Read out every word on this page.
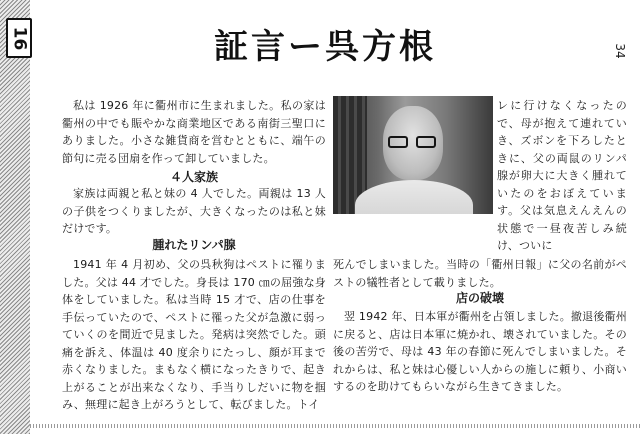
16	証言ー呉方根	34

私は 1926 年に衢州市に生まれました。私の家は衢州の中でも賑やかな商業地区である南街三聖口にありました。小さな雑貨商を営むとともに、端午の節句に売る団扇を作って卸していました。

４人家族

家族は両親と私と妹の 4 人でした。両親は 13 人の子供をつくりましたが、大きくなったのは私と妹だけです。

腫れたリンパ腺

1941 年 4 月初め、父の呉秋狗はペストに罹りました。父は 44 才でした。身長は 170 ㎝の屈強な身体をしていました。私は当時 15 才で、店の仕事を手伝っていたので、ペストに罹った父が急激に弱っていくのを間近で見ました。発病は突然でした。頭痛を訴え、体温は 40 度余りにたっし、顔が耳まで赤くなりました。まもなく横になったきりで、起き上がることが出来なくなり、手当りしだいに物を掴み、無理に起き上がろうとして、転びました。トイ

レに行けなくなったので、母が抱えて連れていき、ズボンを下ろしたときに、父の両鼠のリンパ腺が卵大に大きく腫れていたのをおぼえています。父は気息えんえんの状態で一昼夜苦しみ続け、ついに

死んでしまいました。当時の「衢州日報」に父の名前がペストの犠牲者として載りました。

店の破壊

翌 1942 年、日本軍が衢州を占領しました。撤退後衢州に戻ると、店は日本軍に焼かれ、壊されていました。その後の苦労で、母は 43 年の春節に死んでしまいました。それからは、私と妹は心優しい人からの施しに頼り、小商いするのを助けてもらいながら生きてきました。
